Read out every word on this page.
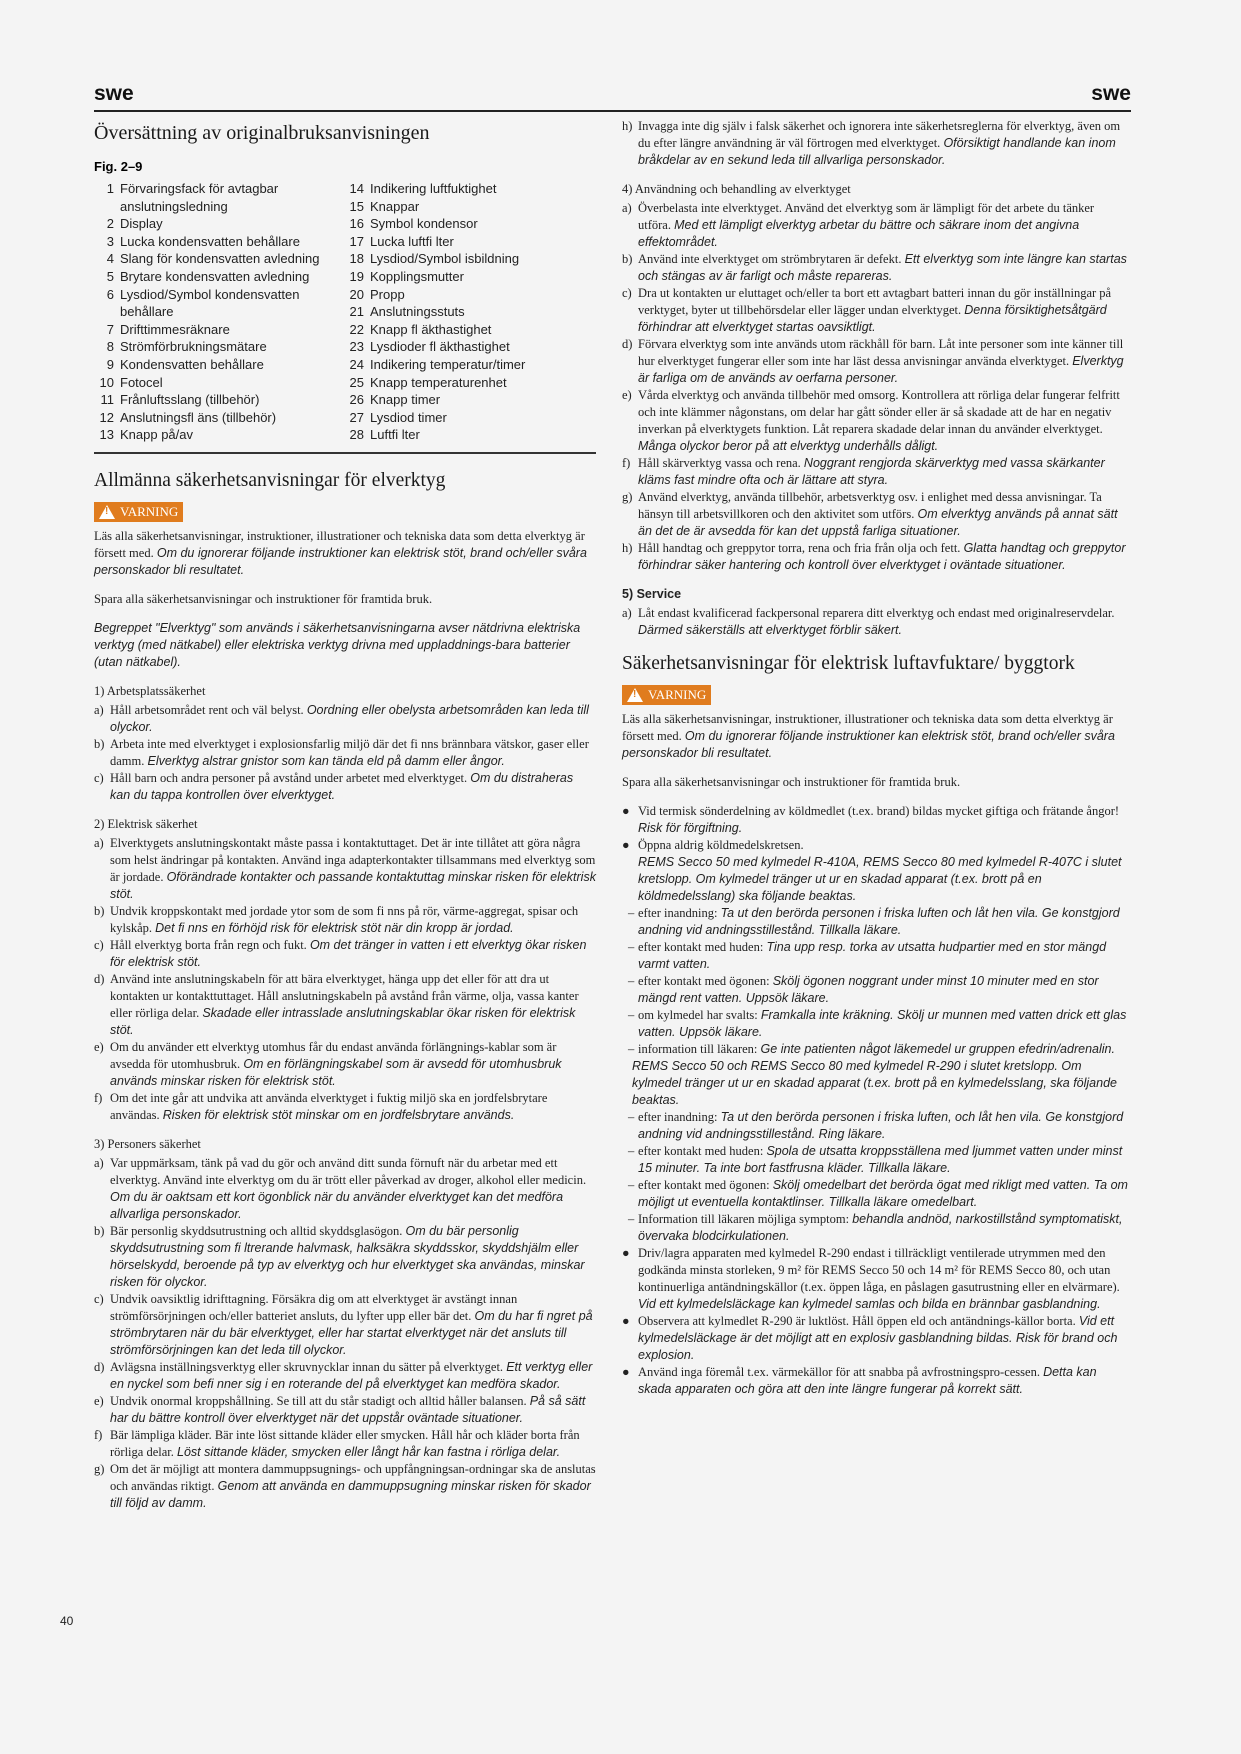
swe	swe
Översättning av originalbruksanvisningen
Fig. 2–9
1 Förvaringsfack för avtagbar
anslutningsledning
2 Display
3 Lucka kondensvatten behållare
4 Slang för kondensvatten avledning
5 Brytare kondensvatten avledning
6 Lysdiod/Symbol kondensvatten
behållare
7 Drifttimmesräknare
8 Strömförbrukningsmätare
9 Kondensvatten behållare
10 Fotocel
11 Frånluftsslang (tillbehör)
12 Anslutningsfl äns (tillbehör)
13 Knapp på/av
14 Indikering luftfuktighet
15 Knappar
16 Symbol kondensor
17 Lucka luftfi lter
18 Lysdiod/Symbol isbildning
19 Kopplingsmutter
20 Propp
21 Anslutningsstuts
22 Knapp fl äkthastighet
23 Lysdioder fl äkthastighet
24 Indikering temperatur/timer
25 Knapp temperaturenhet
26 Knapp timer
27 Lysdiod timer
28 Luftfi lter
Allmänna säkerhetsanvisningar för elverktyg
!
VARNING

Läs alla säkerhetsanvisningar, instruktioner, illustrationer och tekniska data som detta elverktyg är försett med. Om du ignorerar följande instruktioner kan elektrisk stöt, brand och/eller svåra personskador bli resultatet.

Spara alla säkerhetsanvisningar och instruktioner för framtida bruk.

Begreppet "Elverktyg" som används i säkerhetsanvisningarna avser nätdrivna elektriska verktyg (med nätkabel) eller elektriska verktyg drivna med uppladdnings-bara batterier (utan nätkabel).

1) Arbetsplatssäkerhet
a) Håll arbetsområdet rent och väl belyst. Oordning eller obelysta arbetsområden kan leda till olyckor.
b) Arbeta inte med elverktyget i explosionsfarlig miljö där det fi nns brännbara vätskor, gaser eller damm. Elverktyg alstrar gnistor som kan tända eld på damm eller ångor.
c) Håll barn och andra personer på avstånd under arbetet med elverktyget. Om du distraheras kan du tappa kontrollen över elverktyget.
2) Elektrisk säkerhet
a) Elverktygets anslutningskontakt måste passa i kontaktuttaget. Det är inte tillåtet att göra några som helst ändringar på kontakten. Använd inga adapterkontakter tillsammans med elverktyg som är jordade. Oförändrade kontakter och passande kontaktuttag minskar risken för elektrisk stöt.
b) Undvik kroppskontakt med jordade ytor som de som fi nns på rör, värme-aggregat, spisar och kylskåp. Det fi nns en förhöjd risk för elektrisk stöt när din kropp är jordad.
c) Håll elverktyg borta från regn och fukt. Om det tränger in vatten i ett elverktyg ökar risken för elektrisk stöt.
d) Använd inte anslutningskabeln för att bära elverktyget, hänga upp det eller för att dra ut kontakten ur kontakttuttaget. Håll anslutningskabeln på avstånd från värme, olja, vassa kanter eller rörliga delar. Skadade eller intrasslade anslutningskablar ökar risken för elektrisk stöt.
e) Om du använder ett elverktyg utomhus får du endast använda förlängnings-kablar som är avsedda för utomhusbruk. Om en förlängningskabel som är avsedd för utomhusbruk används minskar risken för elektrisk stöt.
f) Om det inte går att undvika att använda elverktyget i fuktig miljö ska en jordfelsbrytare användas. Risken för elektrisk stöt minskar om en jordfelsbrytare används.
3) Personers säkerhet
a) Var uppmärksam, tänk på vad du gör och använd ditt sunda förnuft när du arbetar med ett elverktyg. Använd inte elverktyg om du är trött eller påverkad av droger, alkohol eller medicin. Om du är oaktsam ett kort ögonblick när du använder elverktyget kan det medföra allvarliga personskador.
b) Bär personlig skyddsutrustning och alltid skyddsglasögon. Om du bär personlig skyddsutrustning som fi ltrerande halvmask, halksäkra skyddsskor, skyddshjälm eller hörselskydd, beroende på typ av elverktyg och hur elverktyget ska användas, minskar risken för olyckor.
c) Undvik oavsiktlig idrifttagning. Försäkra dig om att elverktyget är avstängt innan strömförsörjningen och/eller batteriet ansluts, du lyfter upp eller bär det. Om du har fi ngret på strömbrytaren när du bär elverktyget, eller har startat elverktyget när det ansluts till strömförsörjningen kan det leda till olyckor.
d) Avlägsna inställningsverktyg eller skruvnycklar innan du sätter på elverktyget. Ett verktyg eller en nyckel som befi nner sig i en roterande del på elverktyget kan medföra skador.
e) Undvik onormal kroppshållning. Se till att du står stadigt och alltid håller balansen. På så sätt har du bättre kontroll över elverktyget när det uppstår oväntade situationer.
f) Bär lämpliga kläder. Bär inte löst sittande kläder eller smycken. Håll hår och kläder borta från rörliga delar. Löst sittande kläder, smycken eller långt hår kan fastna i rörliga delar.
g) Om det är möjligt att montera dammuppsugnings- och uppfångningsan-ordningar ska de anslutas och användas riktigt. Genom att använda en dammuppsugning minskar risken för skador till följd av damm.
h) Invagga inte dig själv i falsk säkerhet och ignorera inte säkerhetsreglerna för elverktyg, även om du efter längre användning är väl förtrogen med elverktyget. Oförsiktigt handlande kan inom bråkdelar av en sekund leda till allvarliga personskador.
4) Användning och behandling av elverktyget
a) Överbelasta inte elverktyget. Använd det elverktyg som är lämpligt för det arbete du tänker utföra. Med ett lämpligt elverktyg arbetar du bättre och säkrare inom det angivna effektområdet.
b) Använd inte elverktyget om strömbrytaren är defekt. Ett elverktyg som inte längre kan startas och stängas av är farligt och måste repareras.
c) Dra ut kontakten ur eluttaget och/eller ta bort ett avtagbart batteri innan du gör inställningar på verktyget, byter ut tillbehörsdelar eller lägger undan elverktyget. Denna försiktighetsåtgärd förhindrar att elverktyget startas oavsiktligt.
d) Förvara elverktyg som inte används utom räckhåll för barn. Låt inte personer som inte känner till hur elverktyget fungerar eller som inte har läst dessa anvisningar använda elverktyget. Elverktyg är farliga om de används av oerfarna personer.
e) Vårda elverktyg och använda tillbehör med omsorg. Kontrollera att rörliga delar fungerar felfritt och inte klämmer någonstans, om delar har gått sönder eller är så skadade att de har en negativ inverkan på elverktygets funktion. Låt reparera skadade delar innan du använder elverktyget. Många olyckor beror på att elverktyg underhålls dåligt.
f) Håll skärverktyg vassa och rena. Noggrant rengjorda skärverktyg med vassa skärkanter kläms fast mindre ofta och är lättare att styra.
g) Använd elverktyg, använda tillbehör, arbetsverktyg osv. i enlighet med dessa anvisningar. Ta hänsyn till arbetsvillkoren och den aktivitet som utförs. Om elverktyg används på annat sätt än det de är avsedda för kan det uppstå farliga situationer.
h) Håll handtag och greppytor torra, rena och fria från olja och fett. Glatta handtag och greppytor förhindrar säker hantering och kontroll över elverktyget i oväntade situationer.
5) Service
a) Låt endast kvalificerad fackpersonal reparera ditt elverktyg och endast med originalreservdelar. Därmed säkerställs att elverktyget förblir säkert.
Säkerhetsanvisningar för elektrisk luftavfuktare/ byggtork
!
VARNING

Läs alla säkerhetsanvisningar, instruktioner, illustrationer och tekniska data som detta elverktyg är försett med. Om du ignorerar följande instruktioner kan elektrisk stöt, brand och/eller svåra personskador bli resultatet.

Spara alla säkerhetsanvisningar och instruktioner för framtida bruk.

● Vid termisk sönderdelning av köldmedlet (t.ex. brand) bildas mycket giftiga och frätande ångor! Risk för förgiftning.
● Öppna aldrig köldmedelskretsen.
REMS Secco 50 med kylmedel R-410A, REMS Secco 80 med kylmedel R-407C i slutet kretslopp. Om kylmedel tränger ut ur en skadad apparat (t.ex. brott på en köldmedelsslang) ska följande beaktas.
– efter inandning: Ta ut den berörda personen i friska luften och låt hen vila. Ge konstgjord andning vid andningsstillestånd. Tillkalla läkare.
– efter kontakt med huden: Tina upp resp. torka av utsatta hudpartier med en stor mängd varmt vatten.
– efter kontakt med ögonen: Skölj ögonen noggrant under minst 10 minuter med en stor mängd rent vatten. Uppsök läkare.
– om kylmedel har svalts: Framkalla inte kräkning. Skölj ur munnen med vatten drick ett glas vatten. Uppsök läkare.
– information till läkaren: Ge inte patienten något läkemedel ur gruppen efedrin/adrenalin.
REMS Secco 50 och REMS Secco 80 med kylmedel R-290 i slutet kretslopp. Om kylmedel tränger ut ur en skadad apparat (t.ex. brott på en kylmedelsslang, ska följande beaktas.
– efter inandning: Ta ut den berörda personen i friska luften, och låt hen vila. Ge konstgjord andning vid andningsstillestånd. Ring läkare.
– efter kontakt med huden: Spola de utsatta kroppsställena med ljummet vatten under minst 15 minuter. Ta inte bort fastfrusna kläder. Tillkalla läkare.
– efter kontakt med ögonen: Skölj omedelbart det berörda ögat med rikligt med vatten. Ta om möjligt ut eventuella kontaktlinser. Tillkalla läkare omedelbart.
– Information till läkaren möjliga symptom: behandla andnöd, narkostillstånd symptomatiskt, övervaka blodcirkulationen.
● Driv/lagra apparaten med kylmedel R-290 endast i tillräckligt ventilerade utrymmen med den godkända minsta storleken, 9 m² för REMS Secco 50 och 14 m² för REMS Secco 80, och utan kontinuerliga antändningskällor (t.ex. öppen låga, en påslagen gasutrustning eller en elvärmare). Vid ett kylmedelsläckage kan kylmedel samlas och bilda en brännbar gasblandning.
● Observera att kylmedlet R-290 är luktlöst. Håll öppen eld och antändnings-källor borta. Vid ett kylmedelsläckage är det möjligt att en explosiv gasblandning bildas. Risk för brand och explosion.
● Använd inga föremål t.ex. värmekällor för att snabba på avfrostningspro-cessen. Detta kan skada apparaten och göra att den inte längre fungerar på korrekt sätt.
40
